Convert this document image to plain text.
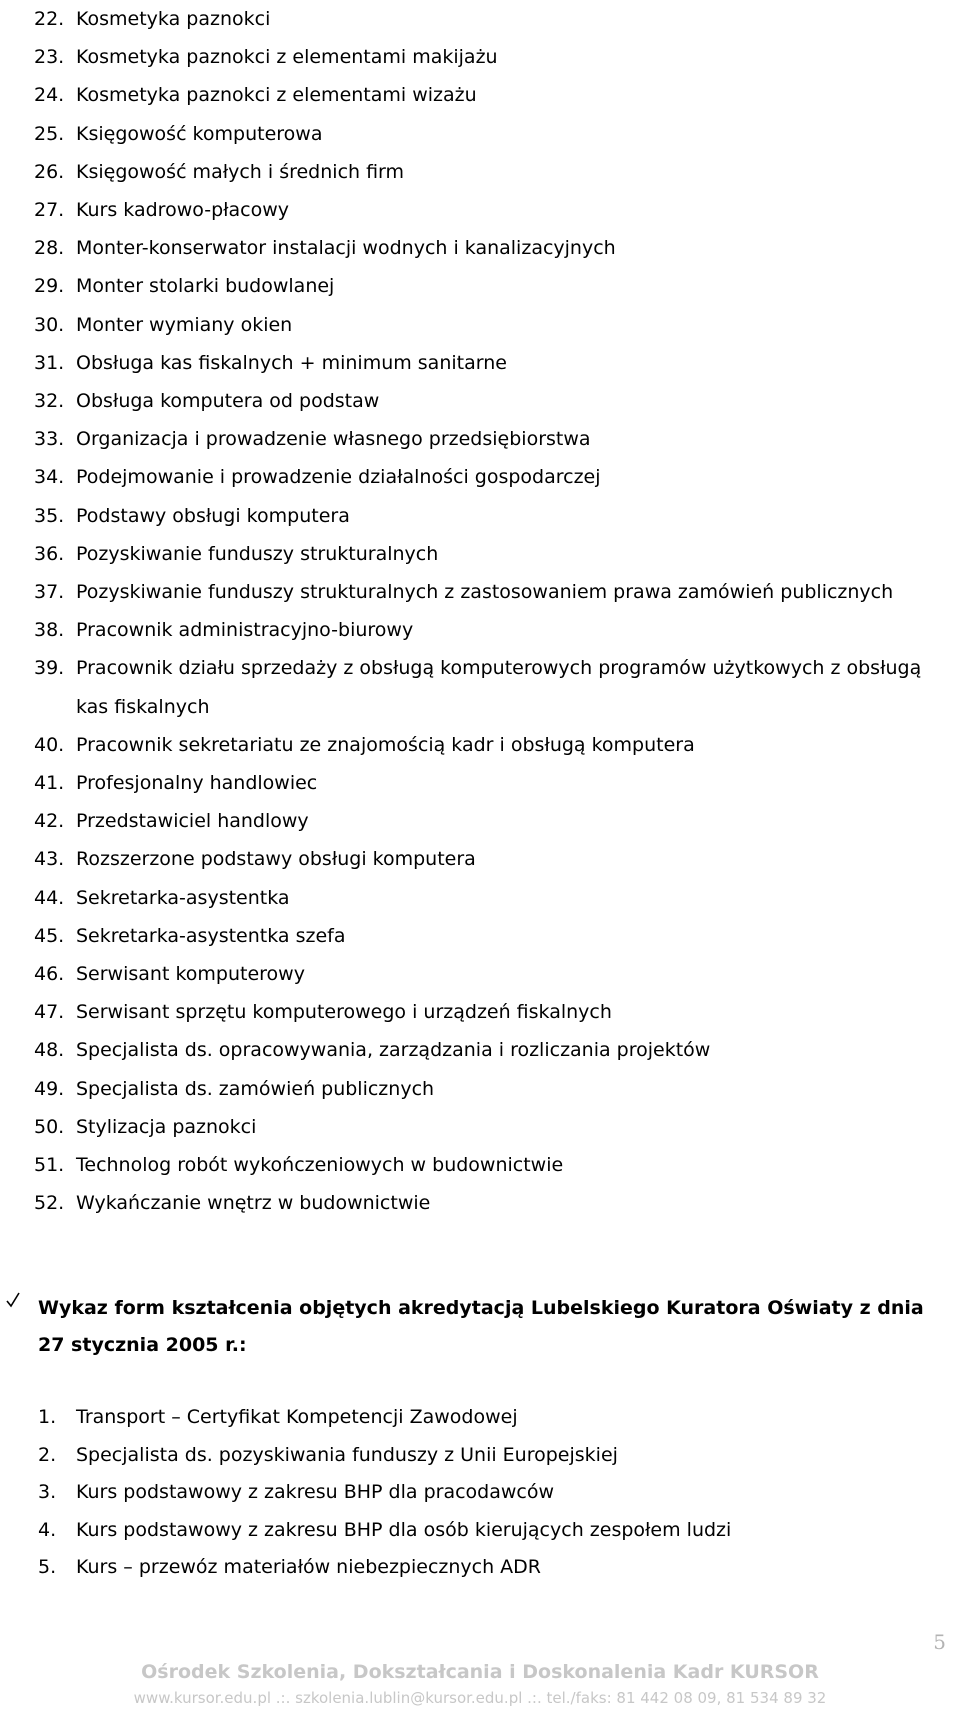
22. Kosmetyka paznokci
23. Kosmetyka paznokci z elementami makijażu
24. Kosmetyka paznokci z elementami wizażu
25. Księgowość komputerowa
26. Księgowość małych i średnich firm
27. Kurs kadrowo-płacowy
28. Monter-konserwator instalacji wodnych i kanalizacyjnych
29. Monter stolarki budowlanej
30. Monter wymiany okien
31. Obsługa kas fiskalnych + minimum sanitarne
32. Obsługa komputera od podstaw
33. Organizacja i prowadzenie własnego przedsiębiorstwa
34. Podejmowanie i prowadzenie działalności gospodarczej
35. Podstawy obsługi komputera
36. Pozyskiwanie funduszy strukturalnych
37. Pozyskiwanie funduszy strukturalnych z zastosowaniem prawa zamówień publicznych
38. Pracownik administracyjno-biurowy
39. Pracownik działu sprzedaży z obsługą komputerowych programów użytkowych z obsługą kas fiskalnych
40. Pracownik sekretariatu ze znajomością kadr i obsługą komputera
41. Profesjonalny handlowiec
42. Przedstawiciel handlowy
43. Rozszerzone podstawy obsługi komputera
44. Sekretarka-asystentka
45. Sekretarka-asystentka szefa
46. Serwisant komputerowy
47. Serwisant sprzętu komputerowego i urządzeń fiskalnych
48. Specjalista ds. opracowywania, zarządzania i rozliczania projektów
49. Specjalista ds. zamówień publicznych
50. Stylizacja paznokci
51. Technolog robót wykończeniowych w budownictwie
52. Wykańczanie wnętrz w budownictwie
Wykaz form kształcenia objętych akredytacją Lubelskiego Kuratora Oświaty z dnia 27 stycznia 2005 r.:
1.	Transport – Certyfikat Kompetencji Zawodowej
2.	Specjalista ds. pozyskiwania funduszy z Unii Europejskiej
3.	Kurs podstawowy z zakresu BHP dla pracodawców
4.	Kurs podstawowy z zakresu BHP dla osób kierujących zespołem ludzi
5.	Kurs – przewóz materiałów niebezpiecznych ADR
5
Ośrodek Szkolenia, Dokształcania i Doskonalenia Kadr KURSOR
www.kursor.edu.pl .:. szkolenia.lublin@kursor.edu.pl .:. tel./faks: 81 442 08 09, 81 534 89 32
